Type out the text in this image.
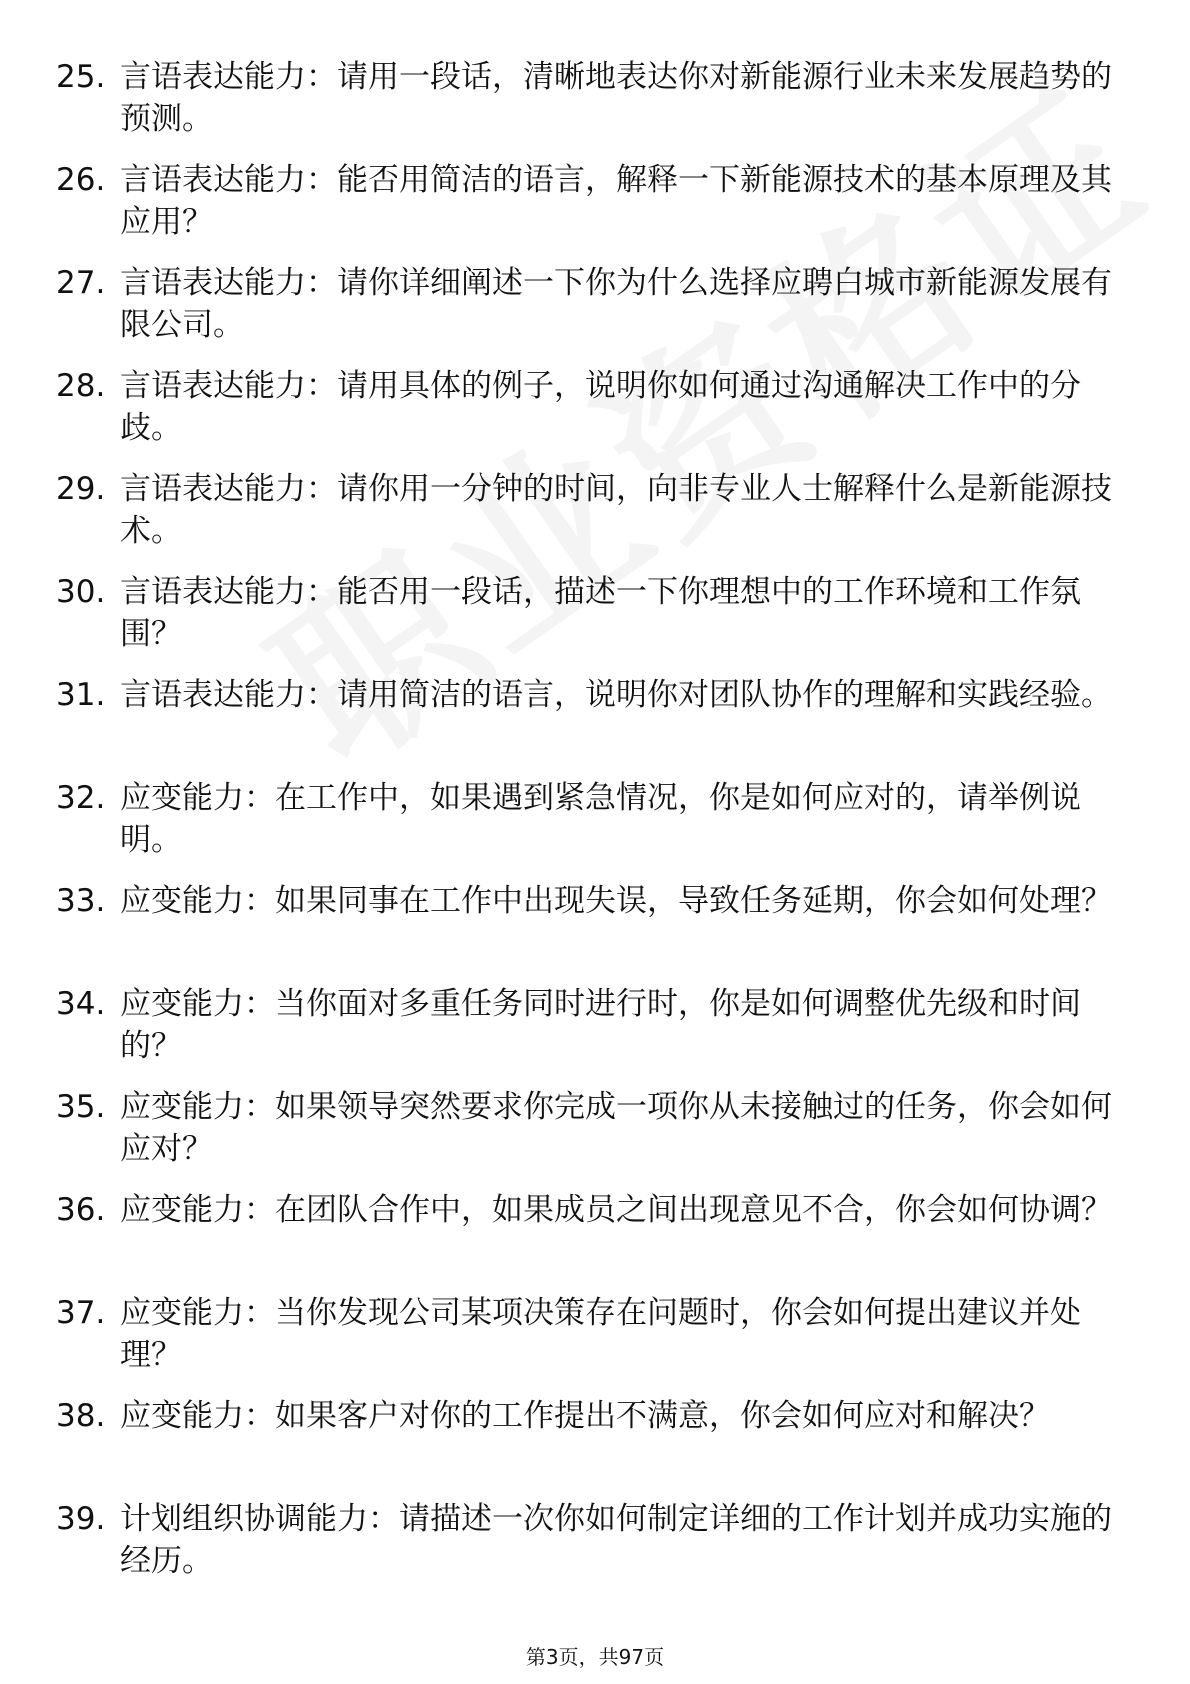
25. 言语表达能力：请用一段话，清晰地表达你对新能源行业未来发展趋势的预测。
26. 言语表达能力：能否用简洁的语言，解释一下新能源技术的基本原理及其应用？
27. 言语表达能力：请你详细阐述一下你为什么选择应聘白城市新能源发展有限公司。
28. 言语表达能力：请用具体的例子，说明你如何通过沟通解决工作中的分歧。
29. 言语表达能力：请你用一分钟的时间，向非专业人士解释什么是新能源技术。
30. 言语表达能力：能否用一段话，描述一下你理想中的工作环境和工作氛围？
31. 言语表达能力：请用简洁的语言，说明你对团队协作的理解和实践经验。
32. 应变能力：在工作中，如果遇到紧急情况，你是如何应对的，请举例说明。
33. 应变能力：如果同事在工作中出现失误，导致任务延期，你会如何处理？
34. 应变能力：当你面对多重任务同时进行时，你是如何调整优先级和时间的？
35. 应变能力：如果领导突然要求你完成一项你从未接触过的任务，你会如何应对？
36. 应变能力：在团队合作中，如果成员之间出现意见不合，你会如何协调？
37. 应变能力：当你发现公司某项决策存在问题时，你会如何提出建议并处理？
38. 应变能力：如果客户对你的工作提出不满意，你会如何应对和解决？
39. 计划组织协调能力：请描述一次你如何制定详细的工作计划并成功实施的经历。
第3页，共97页
